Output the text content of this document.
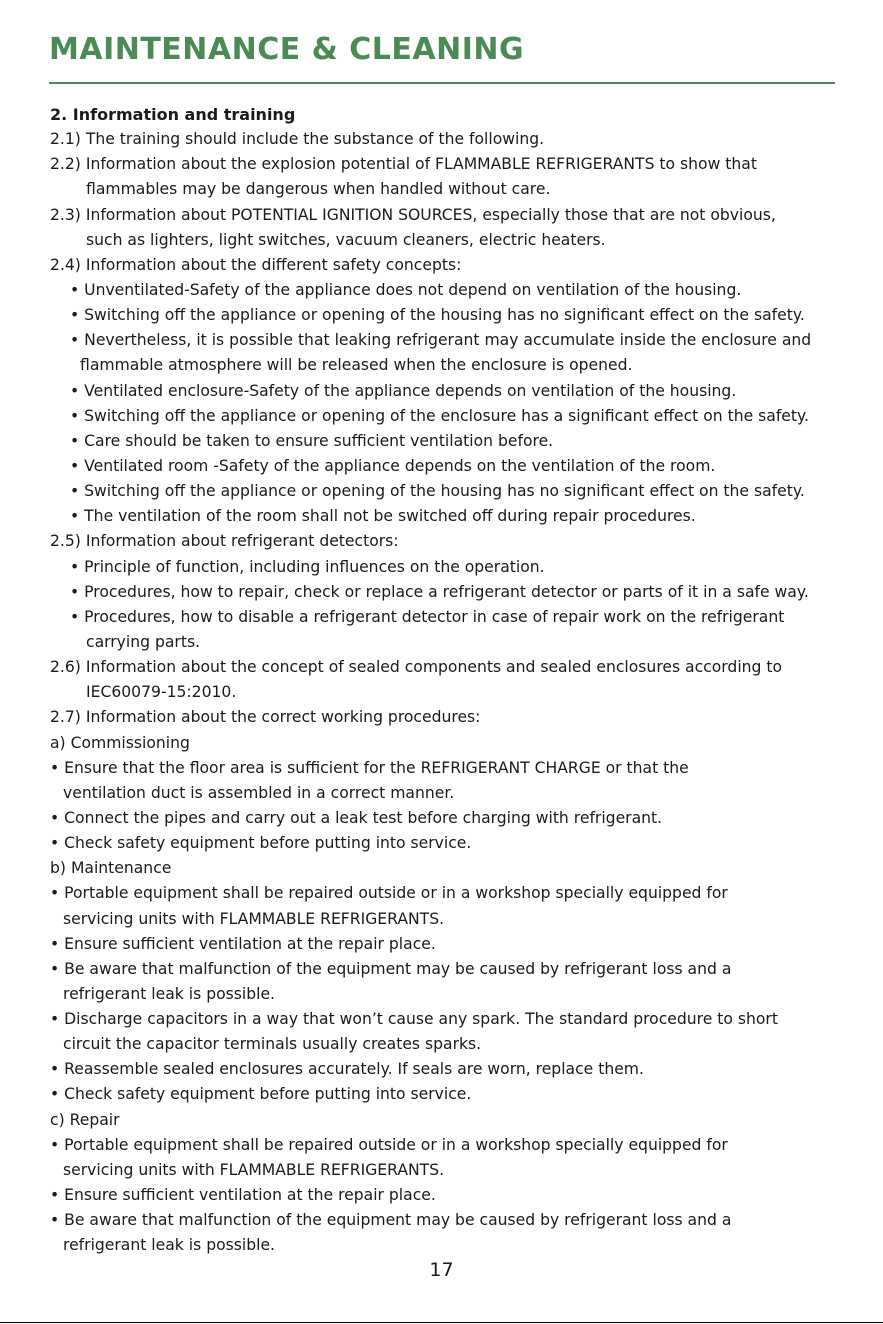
MAINTENANCE & CLEANING
2. Information and training
2.1) The training should include the substance of the following.
2.2) Information about the explosion potential of FLAMMABLE REFRIGERANTS to show that
flammables may be dangerous when handled without care.
2.3) Information about POTENTIAL IGNITION SOURCES, especially those that are not obvious,
such as lighters, light switches, vacuum cleaners, electric heaters.
2.4) Information about the different safety concepts:
• Unventilated-Safety of the appliance does not depend on ventilation of the housing.
• Switching off the appliance or opening of the housing has no significant effect on the safety.
• Nevertheless, it is possible that leaking refrigerant may accumulate inside the enclosure and
flammable atmosphere will be released when the enclosure is opened.
• Ventilated enclosure-Safety of the appliance depends on ventilation of the housing.
• Switching off the appliance or opening of the enclosure has a significant effect on the safety.
• Care should be taken to ensure sufficient ventilation before.
• Ventilated room -Safety of the appliance depends on the ventilation of the room.
• Switching off the appliance or opening of the housing has no significant effect on the safety.
• The ventilation of the room shall not be switched off during repair procedures.
2.5) Information about refrigerant detectors:
• Principle of function, including influences on the operation.
• Procedures, how to repair, check or replace a refrigerant detector or parts of it in a safe way.
• Procedures, how to disable a refrigerant detector in case of repair work on the refrigerant
carrying parts.
2.6) Information about the concept of sealed components and sealed enclosures according to
IEC60079-15:2010.
2.7) Information about the correct working procedures:
a) Commissioning
• Ensure that the floor area is sufficient for the REFRIGERANT CHARGE or that the
ventilation duct is assembled in a correct manner.
• Connect the pipes and carry out a leak test before charging with refrigerant.
• Check safety equipment before putting into service.
b) Maintenance
• Portable equipment shall be repaired outside or in a workshop specially equipped for
servicing units with FLAMMABLE REFRIGERANTS.
• Ensure sufficient ventilation at the repair place.
• Be aware that malfunction of the equipment may be caused by refrigerant loss and a
refrigerant leak is possible.
• Discharge capacitors in a way that won’t cause any spark. The standard procedure to short
circuit the capacitor terminals usually creates sparks.
• Reassemble sealed enclosures accurately. If seals are worn, replace them.
• Check safety equipment before putting into service.
c) Repair
• Portable equipment shall be repaired outside or in a workshop specially equipped for
servicing units with FLAMMABLE REFRIGERANTS.
• Ensure sufficient ventilation at the repair place.
• Be aware that malfunction of the equipment may be caused by refrigerant loss and a
refrigerant leak is possible.
17
